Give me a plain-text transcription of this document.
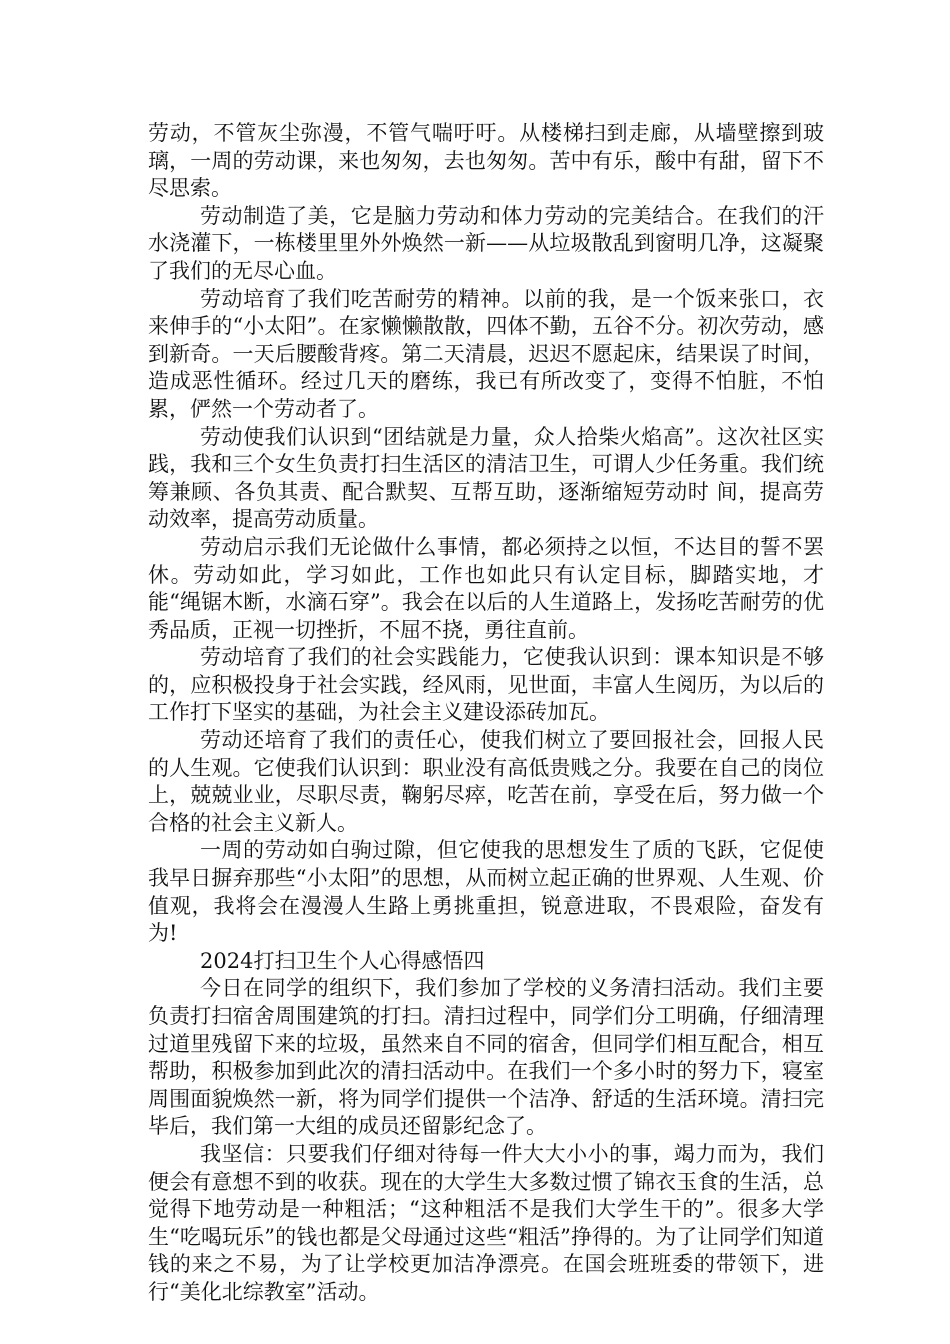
劳动，不管灰尘弥漫，不管气喘吁吁。从楼梯扫到走廊，从墙壁擦到玻璃，一周的劳动课，来也匆匆，去也匆匆。苦中有乐，酸中有甜，留下不尽思索。

劳动制造了美，它是脑力劳动和体力劳动的完美结合。在我们的汗水浇灌下，一栋楼里里外外焕然一新——从垃圾散乱到窗明几净，这凝聚了我们的无尽心血。

劳动培育了我们吃苦耐劳的精神。以前的我，是一个饭来张口，衣来伸手的“小太阳”。在家懒懒散散，四体不勤，五谷不分。初次劳动，感到新奇。一天后腰酸背疼。第二天清晨，迟迟不愿起床，结果误了时间，造成恶性循环。经过几天的磨练，我已有所改变了，变得不怕脏，不怕累，俨然一个劳动者了。

劳动使我们认识到“团结就是力量，众人拾柴火焰高”。这次社区实践，我和三个女生负责打扫生活区的清洁卫生，可谓人少任务重。我们统筹兼顾、各负其责、配合默契、互帮互助，逐渐缩短劳动时 间，提高劳动效率，提高劳动质量。

劳动启示我们无论做什么事情，都必须持之以恒，不达目的誓不罢休。劳动如此，学习如此，工作也如此只有认定目标，脚踏实地，才能“绳锯木断，水滴石穿”。我会在以后的人生道路上，发扬吃苦耐劳的优秀品质，正视一切挫折，不屈不挠，勇往直前。

劳动培育了我们的社会实践能力，它使我认识到：课本知识是不够的，应积极投身于社会实践，经风雨，见世面，丰富人生阅历，为以后的工作打下坚实的基础，为社会主义建设添砖加瓦。

劳动还培育了我们的责任心，使我们树立了要回报社会，回报人民的人生观。它使我们认识到：职业没有高低贵贱之分。我要在自己的岗位上，兢兢业业，尽职尽责，鞠躬尽瘁，吃苦在前，享受在后，努力做一个合格的社会主义新人。

一周的劳动如白驹过隙，但它使我的思想发生了质的飞跃，它促使我早日摒弃那些“小太阳”的思想，从而树立起正确的世界观、人生观、价值观，我将会在漫漫人生路上勇挑重担，锐意进取，不畏艰险，奋发有为!

2024打扫卫生个人心得感悟四

今日在同学的组织下，我们参加了学校的义务清扫活动。我们主要负责打扫宿舍周围建筑的打扫。清扫过程中，同学们分工明确，仔细清理过道里残留下来的垃圾，虽然来自不同的宿舍，但同学们相互配合，相互帮助，积极参加到此次的清扫活动中。在我们一个多小时的努力下，寝室周围面貌焕然一新，将为同学们提供一个洁净、舒适的生活环境。清扫完毕后，我们第一大组的成员还留影纪念了。

我坚信：只要我们仔细对待每一件大大小小的事，竭力而为，我们便会有意想不到的收获。现在的大学生大多数过惯了锦衣玉食的生活，总觉得下地劳动是一种粗活；“这种粗活不是我们大学生干的”。很多大学生“吃喝玩乐”的钱也都是父母通过这些“粗活”挣得的。为了让同学们知道钱的来之不易，为了让学校更加洁净漂亮。在国会班班委的带领下，进行“美化北综教室”活动。
